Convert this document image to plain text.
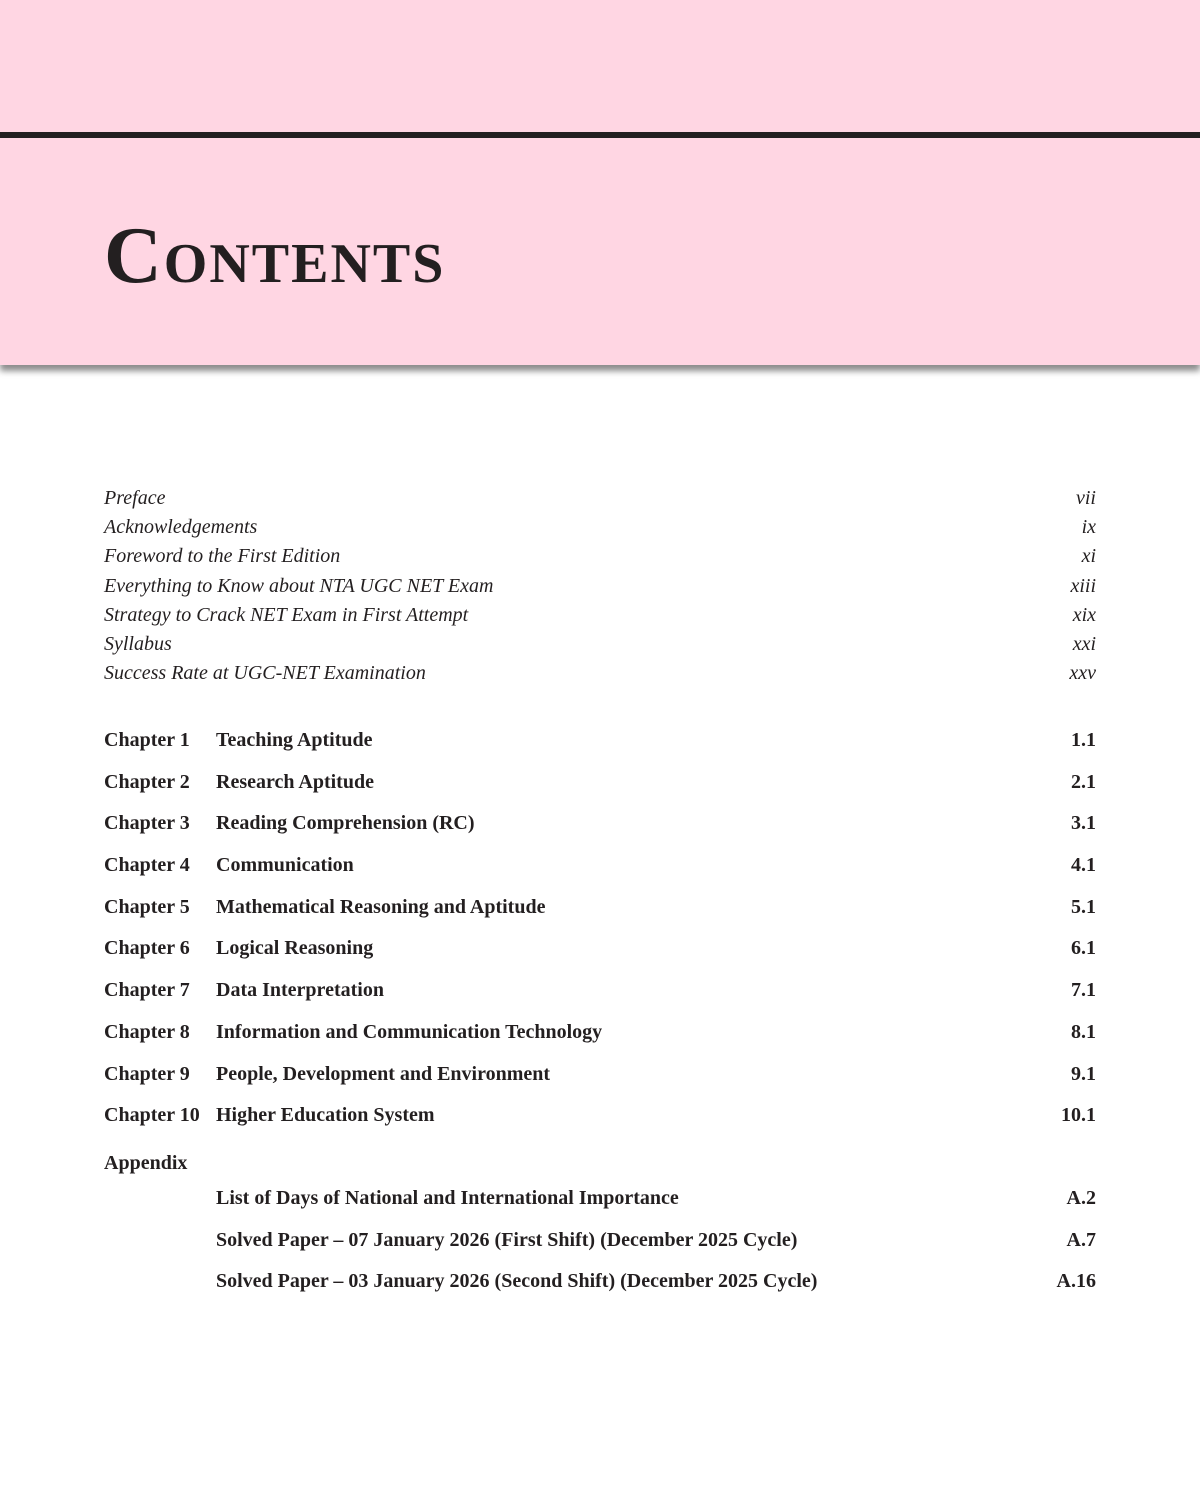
Contents
Preface	vii
Acknowledgements	ix
Foreword to the First Edition	xi
Everything to Know about NTA UGC NET Exam	xiii
Strategy to Crack NET Exam in First Attempt	xix
Syllabus	xxi
Success Rate at UGC-NET Examination	xxv
Chapter 1	Teaching Aptitude	1.1
Chapter 2	Research Aptitude	2.1
Chapter 3	Reading Comprehension (RC)	3.1
Chapter 4	Communication	4.1
Chapter 5	Mathematical Reasoning and Aptitude	5.1
Chapter 6	Logical Reasoning	6.1
Chapter 7	Data Interpretation	7.1
Chapter 8	Information and Communication Technology	8.1
Chapter 9	People, Development and Environment	9.1
Chapter 10 Higher Education System	10.1
Appendix
List of Days of National and International Importance	A.2
Solved Paper – 07 January 2026 (First Shift) (December 2025 Cycle)	A.7
Solved Paper – 03 January 2026 (Second Shift) (December 2025 Cycle)	A.16
